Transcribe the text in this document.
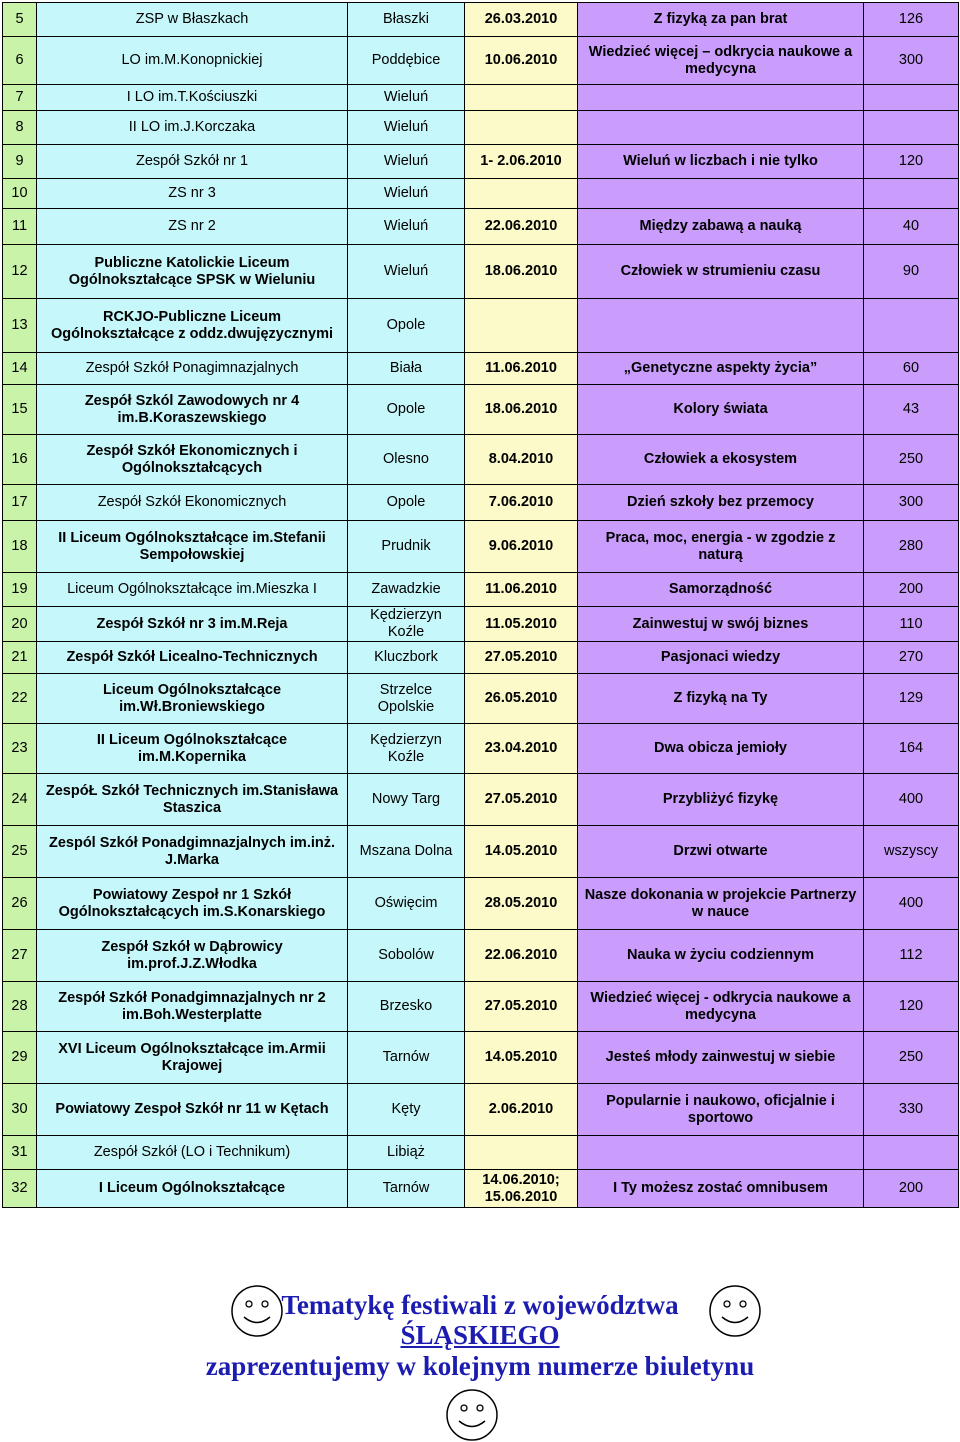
5	ZSP w Błaszkach	Błaszki	26.03.2010	Z fizyką za pan brat	126
6	LO im.M.Konopnickiej	Poddębice	10.06.2010	Wiedzieć więcej – odkrycia naukowe a medycyna	300
7	I LO im.T.Kościuszki	Wieluń			
8	II LO im.J.Korczaka	Wieluń			
9	Zespół Szkół nr 1	Wieluń	1- 2.06.2010	Wieluń w liczbach i nie tylko	120
10	ZS nr 3	Wieluń			
11	ZS nr 2	Wieluń	22.06.2010	Między zabawą a nauką	40
12	Publiczne Katolickie Liceum Ogólnokształcące SPSK w Wieluniu	Wieluń	18.06.2010	Człowiek w strumieniu czasu	90
13	RCKJO-Publiczne Liceum Ogólnokształcące z oddz.dwujęzycznymi	Opole			
14	Zespół Szkół Ponagimnazjalnych	Biała	11.06.2010	„Genetyczne aspekty życia”	60
15	Zespół Szkól Zawodowych nr 4 im.B.Koraszewskiego	Opole	18.06.2010	Kolory świata	43
16	Zespół Szkół Ekonomicznych i Ogólnokształcących	Olesno	8.04.2010	Człowiek a ekosystem	250
17	Zespół Szkół Ekonomicznych	Opole	7.06.2010	Dzień szkoły bez przemocy	300
18	II Liceum Ogólnokształcące im.Stefanii Sempołowskiej	Prudnik	9.06.2010	Praca, moc, energia - w zgodzie z naturą	280
19	Liceum Ogólnokształcące im.Mieszka I	Zawadzkie	11.06.2010	Samorządność	200
20	Zespół Szkół nr 3 im.M.Reja	Kędzierzyn Koźle	11.05.2010	Zainwestuj w swój biznes	110
21	Zespół Szkół Licealno-Technicznych	Kluczbork	27.05.2010	Pasjonaci wiedzy	270
22	Liceum Ogólnokształcące im.Wł.Broniewskiego	Strzelce Opolskie	26.05.2010	Z fizyką na Ty	129
23	II Liceum Ogólnokształcące im.M.Kopernika	Kędzierzyn Koźle	23.04.2010	Dwa obicza jemioły	164
24	ZespóŁ Szkół Technicznych im.Stanisława Staszica	Nowy Targ	27.05.2010	Przybliżyć fizykę	400
25	Zespól Szkół Ponadgimnazjalnych im.inż. J.Marka	Mszana Dolna	14.05.2010	Drzwi otwarte	wszyscy
26	Powiatowy Zespoł nr 1 Szkół Ogólnokształcących im.S.Konarskiego	Oświęcim	28.05.2010	Nasze dokonania w projekcie Partnerzy w nauce	400
27	Zespół Szkół w Dąbrowicy im.prof.J.Z.Włodka	Sobolów	22.06.2010	Nauka w życiu codziennym	112
28	Zespół Szkół Ponadgimnazjalnych nr 2 im.Boh.Westerplatte	Brzesko	27.05.2010	Wiedzieć więcej - odkrycia naukowe a medycyna	120
29	XVI Liceum Ogólnokształcące im.Armii Krajowej	Tarnów	14.05.2010	Jesteś młody zainwestuj w siebie	250
30	Powiatowy Zespoł Szkół nr 11 w Kętach	Kęty	2.06.2010	Popularnie i naukowo, oficjalnie i sportowo	330
31	Zespół Szkół (LO i Technikum)	Libiąż			
32	I Liceum Ogólnokształcące	Tarnów	14.06.2010; 15.06.2010	I Ty możesz zostać omnibusem	200
Tematykę festiwali z województwa
ŚLĄSKIEGO
zaprezentujemy w kolejnym numerze biuletynu
